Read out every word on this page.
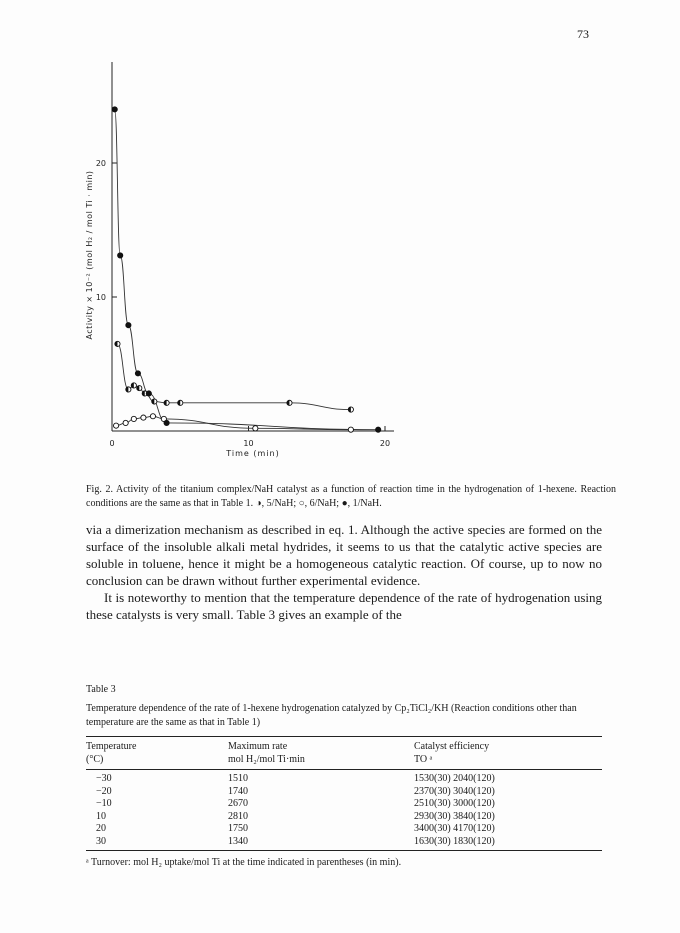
73
0	10	20
10
20
Time (min)
Activity × 10⁻² (mol H₂ / mol Ti · min)
Fig. 2. Activity of the titanium complex/NaH catalyst as a function of reaction time in the hydrogenation of 1-hexene. Reaction conditions are the same as that in Table 1. ◑, 5/NaH; ○, 6/NaH; ●, 1/NaH.

via a dimerization mechanism as described in eq. 1. Although the active species are formed on the surface of the insoluble alkali metal hydrides, it seems to us that the catalytic active species are soluble in toluene, hence it might be a homogeneous catalytic reaction. Of course, up to now no conclusion can be drawn without further experimental evidence.

It is noteworthy to mention that the temperature dependence of the rate of hydrogenation using these catalysts is very small. Table 3 gives an example of the

Table 3
Temperature dependence of the rate of 1-hexene hydrogenation catalyzed by Cp₂TiCl₂/KH (Reaction conditions other than temperature are the same as that in Table 1)
Temperature	Maximum rate	Catalyst efficiency
(°C)	mol H₂/mol Ti·min	TO ᵃ
−30	1510	1530(30) 2040(120)
−20	1740	2370(30) 3040(120)
−10	2670	2510(30) 3000(120)
10	2810	2930(30) 3840(120)
20	1750	3400(30) 4170(120)
30	1340	1630(30) 1830(120)
ᵃ Turnover: mol H₂ uptake/mol Ti at the time indicated in parentheses (in min).
